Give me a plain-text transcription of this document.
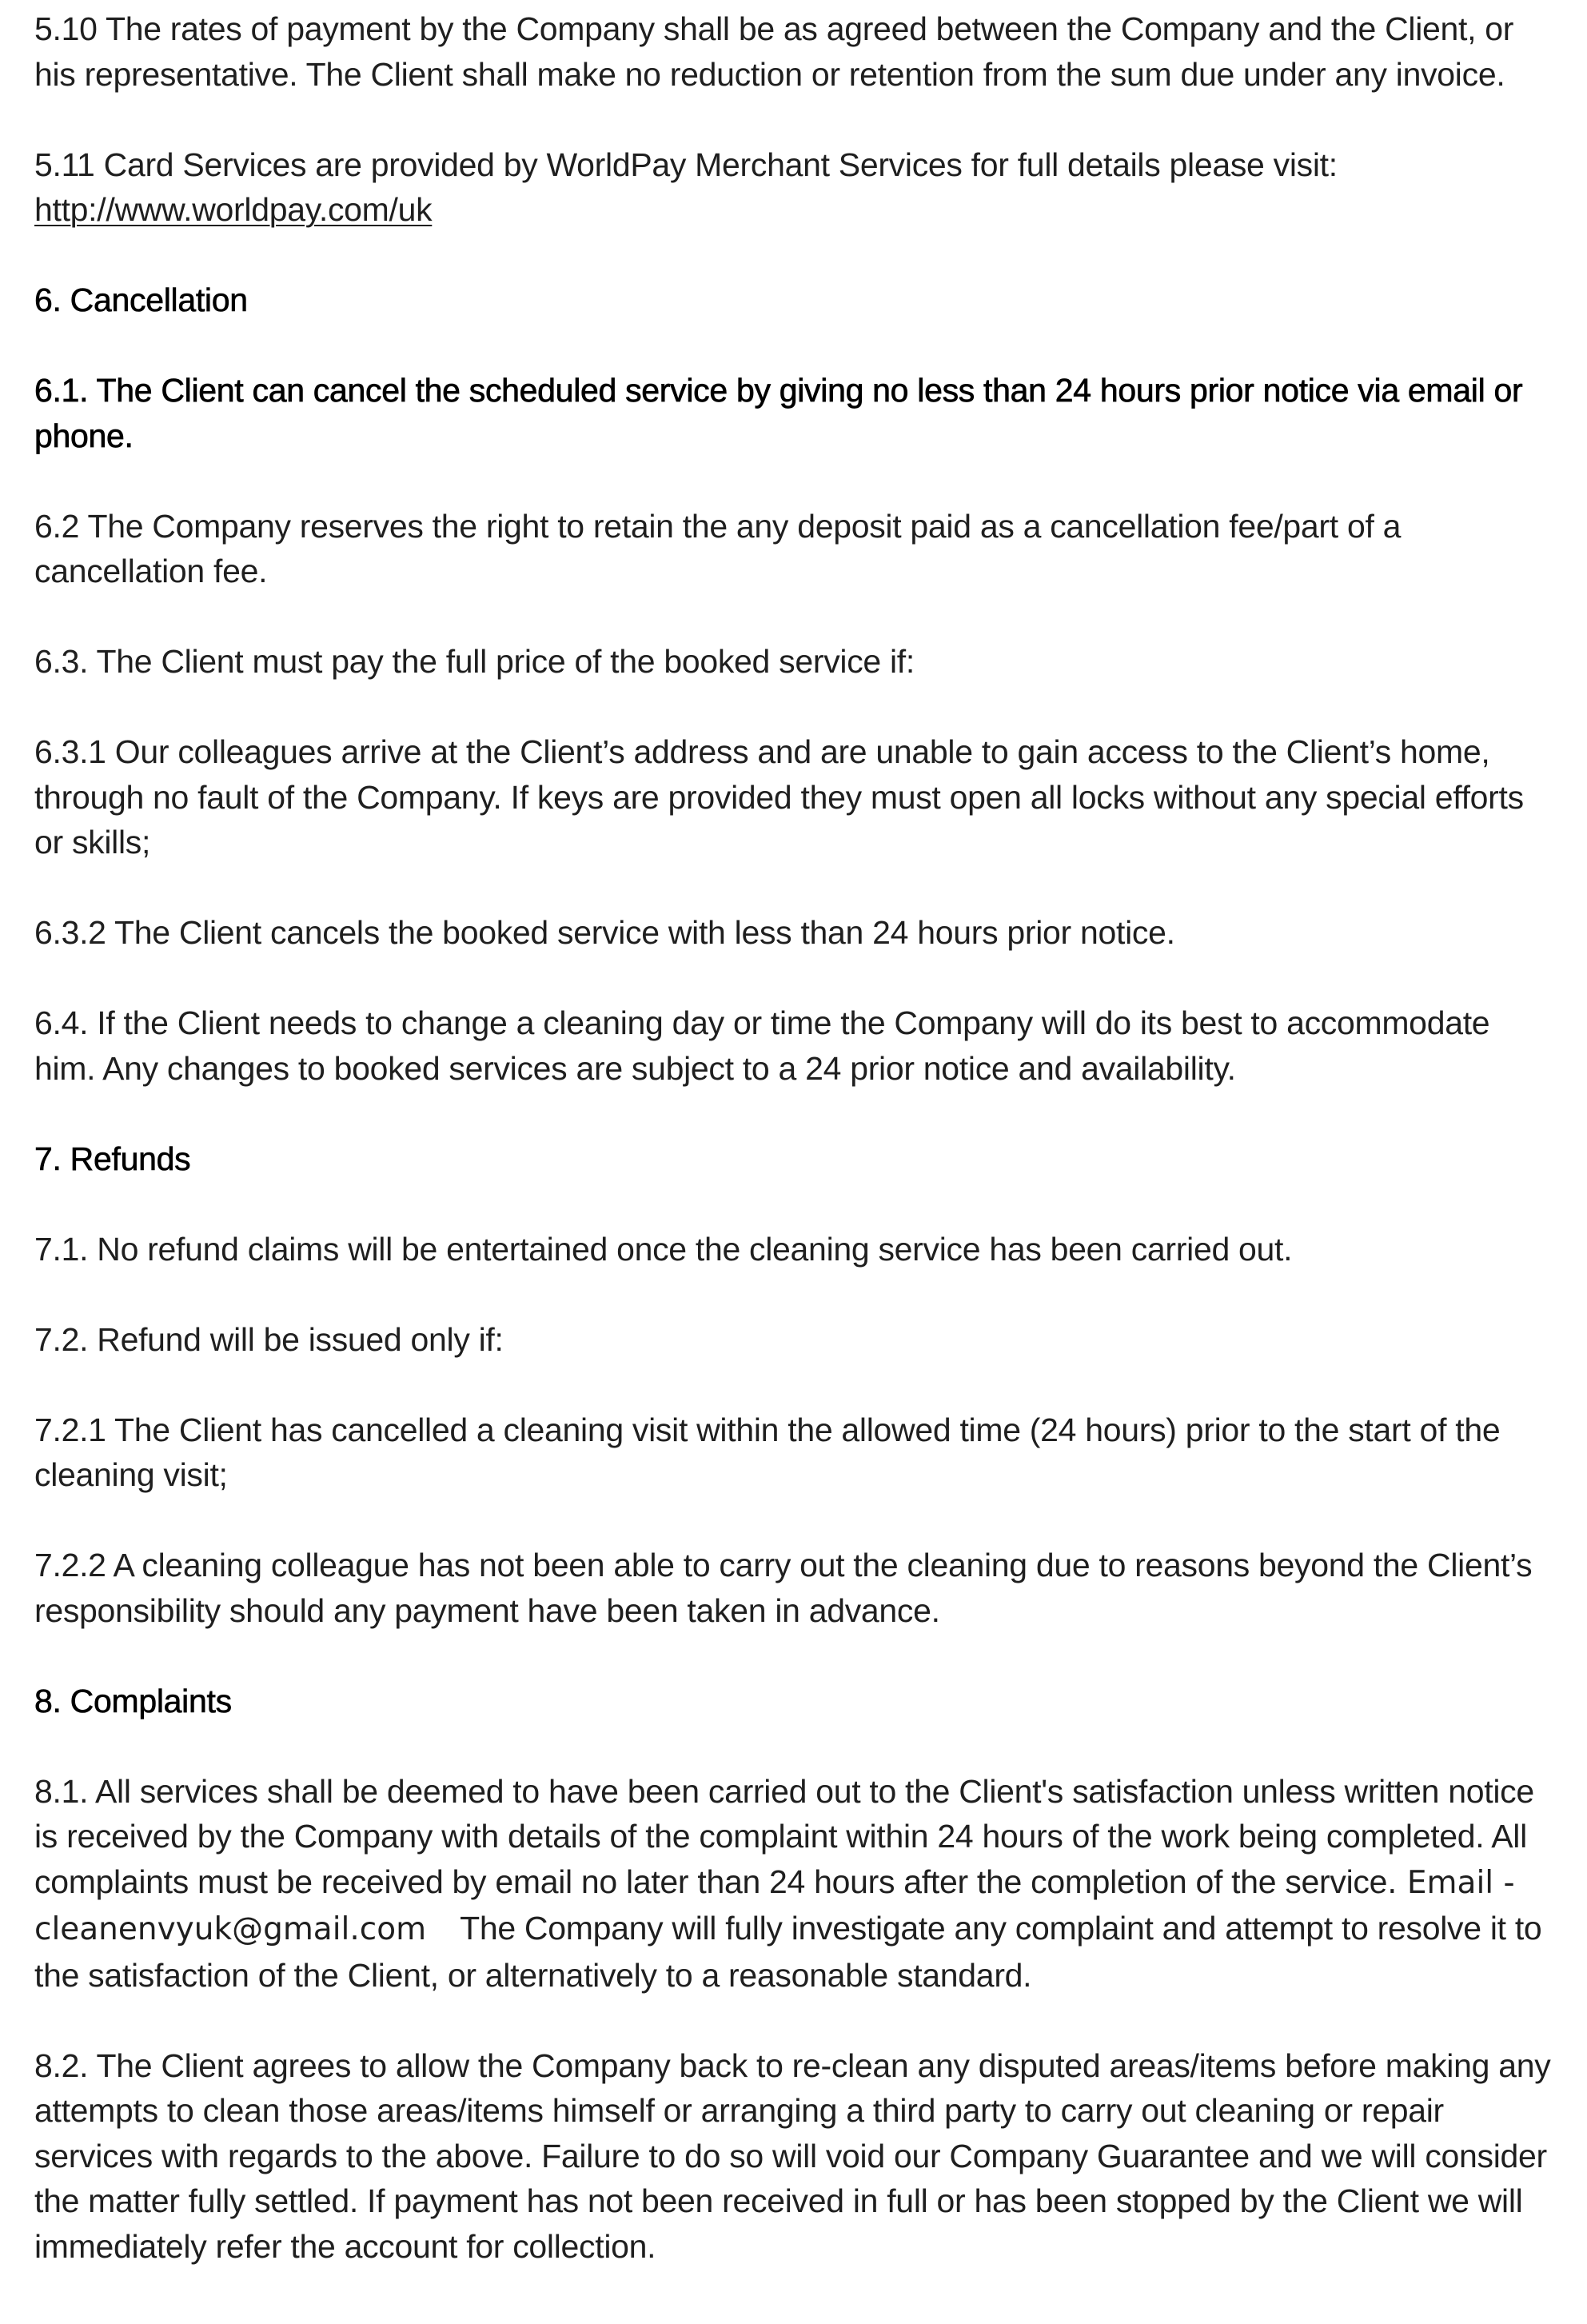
5.10 The rates of payment by the Company shall be as agreed between the Company and the Client, or his representative. The Client shall make no reduction or retention from the sum due under any invoice.

5.11 Card Services are provided by WorldPay Merchant Services for full details please visit:
http://www.worldpay.com/uk

6. Cancellation

6.1. The Client can cancel the scheduled service by giving no less than 24 hours prior notice via email or phone.

6.2 The Company reserves the right to retain the any deposit paid as a cancellation fee/part of a cancellation fee.

6.3. The Client must pay the full price of the booked service if:

6.3.1 Our colleagues arrive at the Client’s address and are unable to gain access to the Client’s home, through no fault of the Company. If keys are provided they must open all locks without any special efforts or skills;

6.3.2 The Client cancels the booked service with less than 24 hours prior notice.

6.4. If the Client needs to change a cleaning day or time the Company will do its best to accommodate him. Any changes to booked services are subject to a 24 prior notice and availability.

7. Refunds

7.1. No refund claims will be entertained once the cleaning service has been carried out.

7.2. Refund will be issued only if:

7.2.1 The Client has cancelled a cleaning visit within the allowed time (24 hours) prior to the start of the cleaning visit;

7.2.2 A cleaning colleague has not been able to carry out the cleaning due to reasons beyond the Client’s responsibility should any payment have been taken in advance.

8. Complaints

8.1. All services shall be deemed to have been carried out to the Client's satisfaction unless written notice is received by the Company with details of the complaint within 24 hours of the work being completed. All complaints must be received by email no later than 24 hours after the completion of the service. Email - cleanenvyuk@gmail.com The Company will fully investigate any complaint and attempt to resolve it to the satisfaction of the Client, or alternatively to a reasonable standard.

8.2. The Client agrees to allow the Company back to re-clean any disputed areas/items before making any attempts to clean those areas/items himself or arranging a third party to carry out cleaning or repair services with regards to the above. Failure to do so will void our Company Guarantee and we will consider the matter fully settled. If payment has not been received in full or has been stopped by the Client we will immediately refer the account for collection.
